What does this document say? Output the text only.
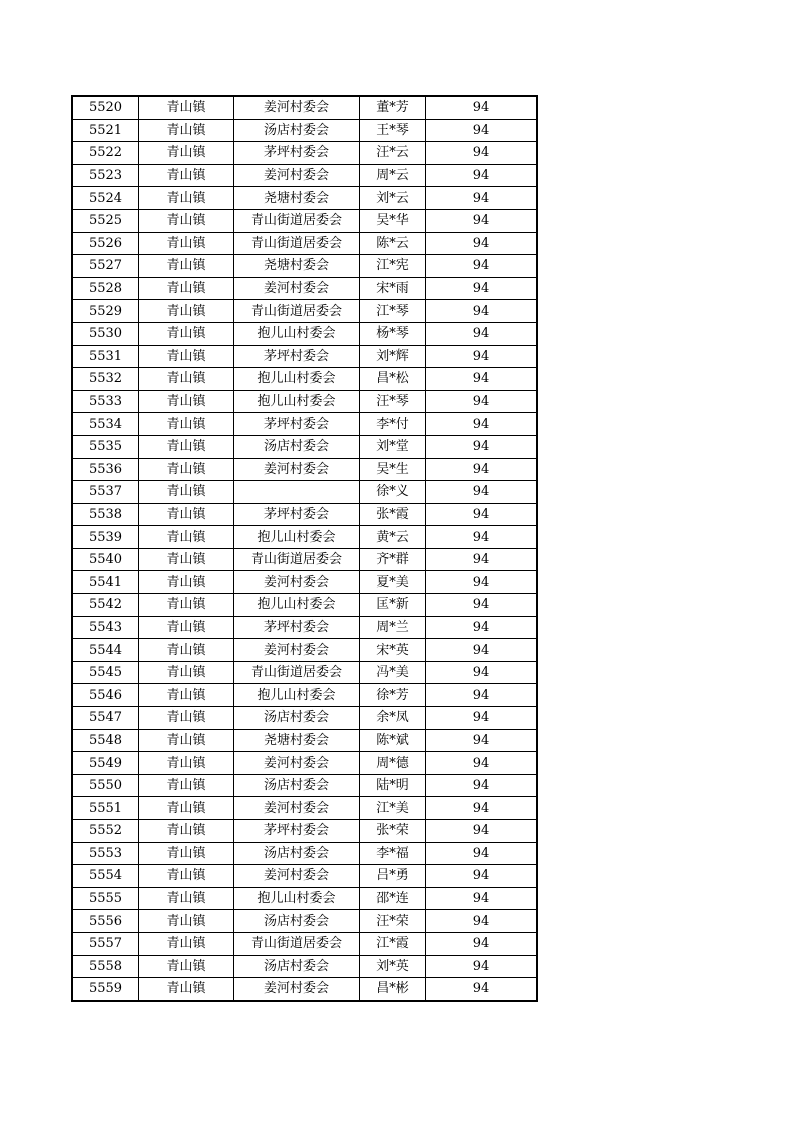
5520	青山镇	姜河村委会	董*芳	94
5521	青山镇	汤店村委会	王*琴	94
5522	青山镇	茅坪村委会	汪*云	94
5523	青山镇	姜河村委会	周*云	94
5524	青山镇	尧塘村委会	刘*云	94
5525	青山镇	青山街道居委会	吴*华	94
5526	青山镇	青山街道居委会	陈*云	94
5527	青山镇	尧塘村委会	江*宪	94
5528	青山镇	姜河村委会	宋*雨	94
5529	青山镇	青山街道居委会	江*琴	94
5530	青山镇	抱儿山村委会	杨*琴	94
5531	青山镇	茅坪村委会	刘*辉	94
5532	青山镇	抱儿山村委会	昌*松	94
5533	青山镇	抱儿山村委会	汪*琴	94
5534	青山镇	茅坪村委会	李*付	94
5535	青山镇	汤店村委会	刘*堂	94
5536	青山镇	姜河村委会	吴*生	94
5537	青山镇		徐*义	94
5538	青山镇	茅坪村委会	张*霞	94
5539	青山镇	抱儿山村委会	黄*云	94
5540	青山镇	青山街道居委会	齐*群	94
5541	青山镇	姜河村委会	夏*美	94
5542	青山镇	抱儿山村委会	匡*新	94
5543	青山镇	茅坪村委会	周*兰	94
5544	青山镇	姜河村委会	宋*英	94
5545	青山镇	青山街道居委会	冯*美	94
5546	青山镇	抱儿山村委会	徐*芳	94
5547	青山镇	汤店村委会	余*凤	94
5548	青山镇	尧塘村委会	陈*斌	94
5549	青山镇	姜河村委会	周*德	94
5550	青山镇	汤店村委会	陆*明	94
5551	青山镇	姜河村委会	江*美	94
5552	青山镇	茅坪村委会	张*荣	94
5553	青山镇	汤店村委会	李*福	94
5554	青山镇	姜河村委会	吕*勇	94
5555	青山镇	抱儿山村委会	邵*连	94
5556	青山镇	汤店村委会	汪*荣	94
5557	青山镇	青山街道居委会	江*霞	94
5558	青山镇	汤店村委会	刘*英	94
5559	青山镇	姜河村委会	昌*彬	94
